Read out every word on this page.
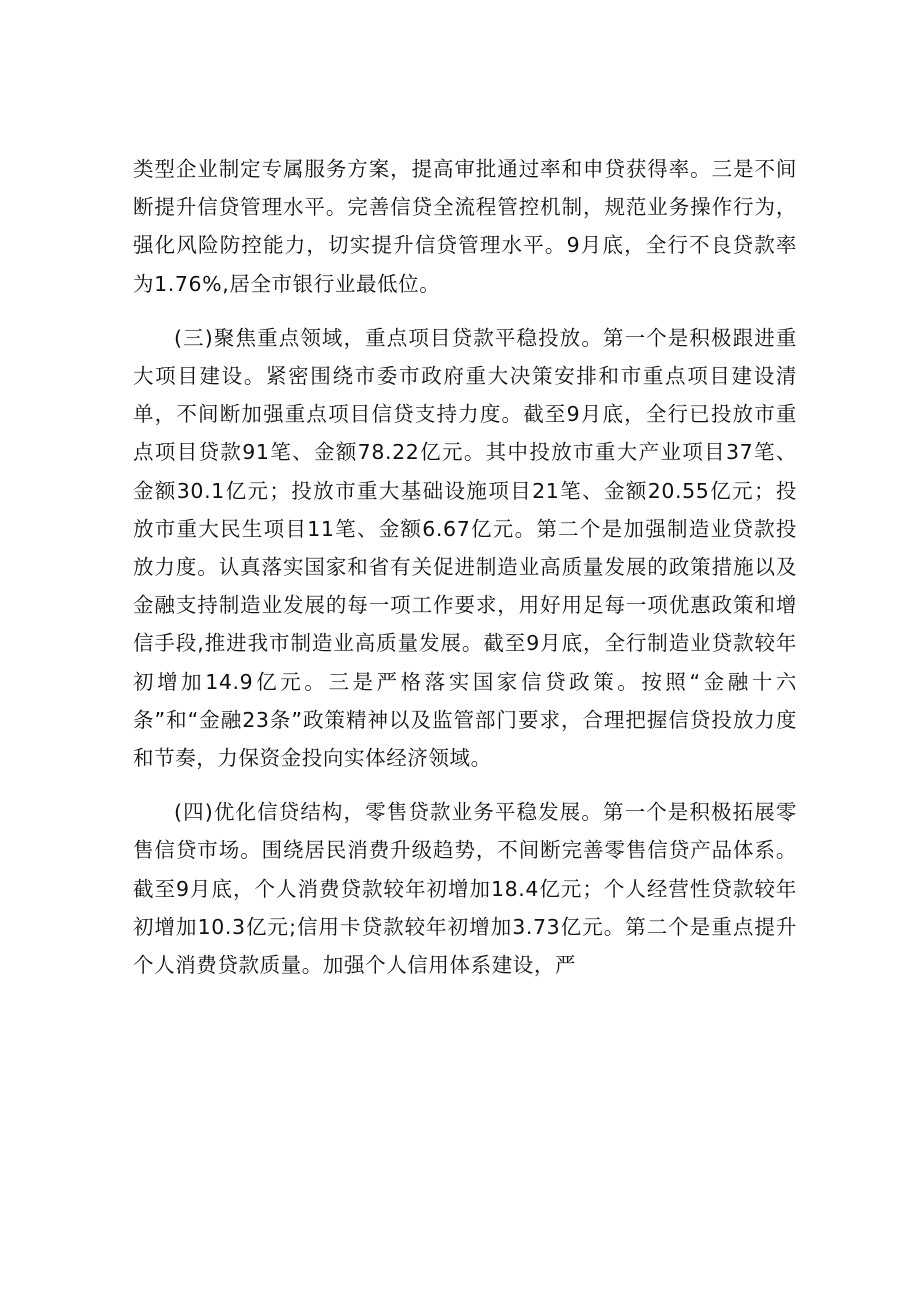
类型企业制定专属服务方案，提高审批通过率和申贷获得率。三是不间断提升信贷管理水平。完善信贷全流程管控机制，规范业务操作行为，强化风险防控能力，切实提升信贷管理水平。9月底，全行不良贷款率为1.76%,居全市银行业最低位。

(三)聚焦重点领域，重点项目贷款平稳投放。第一个是积极跟进重大项目建设。紧密围绕市委市政府重大决策安排和市重点项目建设清单，不间断加强重点项目信贷支持力度。截至9月底，全行已投放市重点项目贷款91笔、金额78.22亿元。其中投放市重大产业项目37笔、金额30.1亿元；投放市重大基础设施项目21笔、金额20.55亿元；投放市重大民生项目11笔、金额6.67亿元。第二个是加强制造业贷款投放力度。认真落实国家和省有关促进制造业高质量发展的政策措施以及金融支持制造业发展的每一项工作要求，用好用足每一项优惠政策和增信手段,推进我市制造业高质量发展。截至9月底，全行制造业贷款较年初增加14.9亿元。三是严格落实国家信贷政策。按照“金融十六条”和“金融23条”政策精神以及监管部门要求，合理把握信贷投放力度和节奏，力保资金投向实体经济领域。

(四)优化信贷结构，零售贷款业务平稳发展。第一个是积极拓展零售信贷市场。围绕居民消费升级趋势，不间断完善零售信贷产品体系。截至9月底，个人消费贷款较年初增加18.4亿元；个人经营性贷款较年初增加10.3亿元;信用卡贷款较年初增加3.73亿元。第二个是重点提升个人消费贷款质量。加强个人信用体系建设，严
